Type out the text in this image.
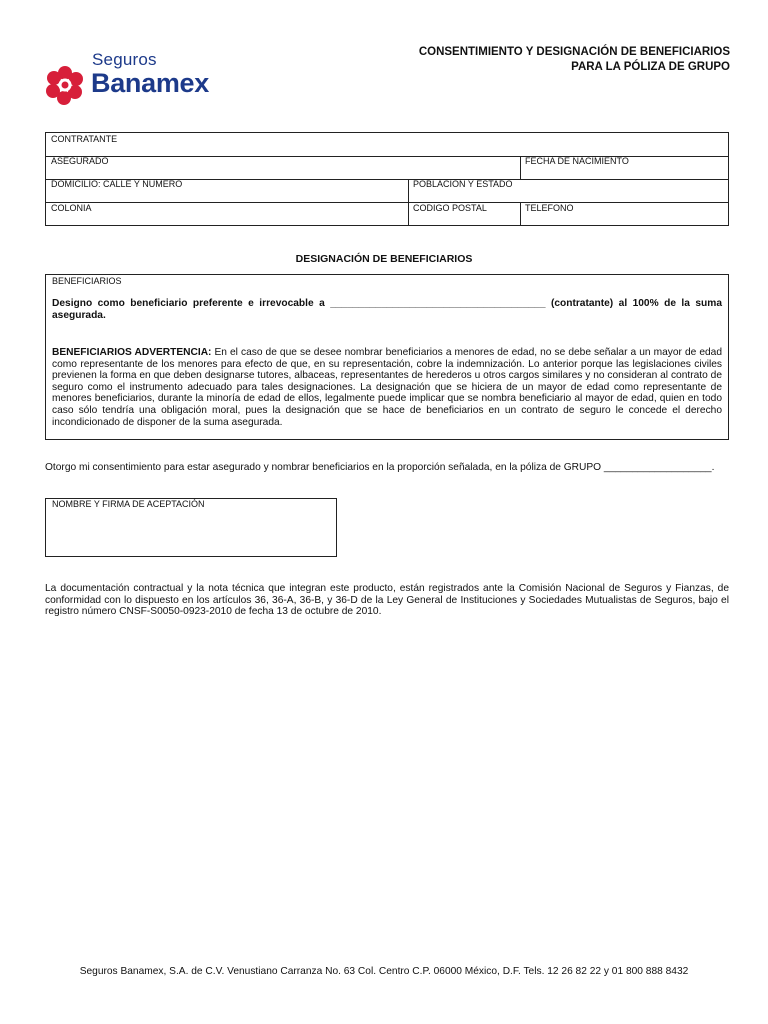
Seguros
Banamex
CONSENTIMIENTO Y DESIGNACIÓN DE BENEFICIARIOS
PARA LA PÓLIZA DE GRUPO
CONTRATANTE
ASEGURADO	FECHA DE NACIMIENTO
DOMICILIO: CALLE Y NUMERO	POBLACION Y ESTADO
COLONIA	CODIGO POSTAL	TELEFONO
DESIGNACIÓN DE BENEFICIARIOS
BENEFICIARIOS
Designo como beneficiario preferente e irrevocable a ______________________________________ (contratante) al 100% de la suma asegurada.
BENEFICIARIOS ADVERTENCIA: En el caso de que se desee nombrar beneficiarios a menores de edad, no se debe señalar a un mayor de edad como representante de los menores para efecto de que, en su representación, cobre la indemnización. Lo anterior porque las legislaciones civiles previenen la forma en que deben designarse tutores, albaceas, representantes de herederos u otros cargos similares y no consideran al contrato de seguro como el instrumento adecuado para tales designaciones. La designación que se hiciera de un mayor de edad como representante de menores beneficiarios, durante la minoría de edad de ellos, legalmente puede implicar que se nombra beneficiario al mayor de edad, quien en todo caso sólo tendría una obligación moral, pues la designación que se hace de beneficiarios en un contrato de seguro le concede el derecho incondicionado de disponer de la suma asegurada.
Otorgo mi consentimiento para estar asegurado y nombrar beneficiarios en la proporción señalada, en la póliza de GRUPO ___________________.
NOMBRE Y FIRMA DE ACEPTACIÓN
La documentación contractual y la nota técnica que integran este producto, están registrados ante la Comisión Nacional de Seguros y Fianzas, de conformidad con lo dispuesto en los artículos 36, 36-A, 36-B, y 36-D de la Ley General de Instituciones y Sociedades Mutualistas de Seguros, bajo el registro número CNSF-S0050-0923-2010 de fecha 13 de octubre de 2010.
Seguros Banamex, S.A. de C.V. Venustiano Carranza No. 63 Col. Centro C.P. 06000 México, D.F. Tels. 12 26 82 22 y 01 800 888 8432
